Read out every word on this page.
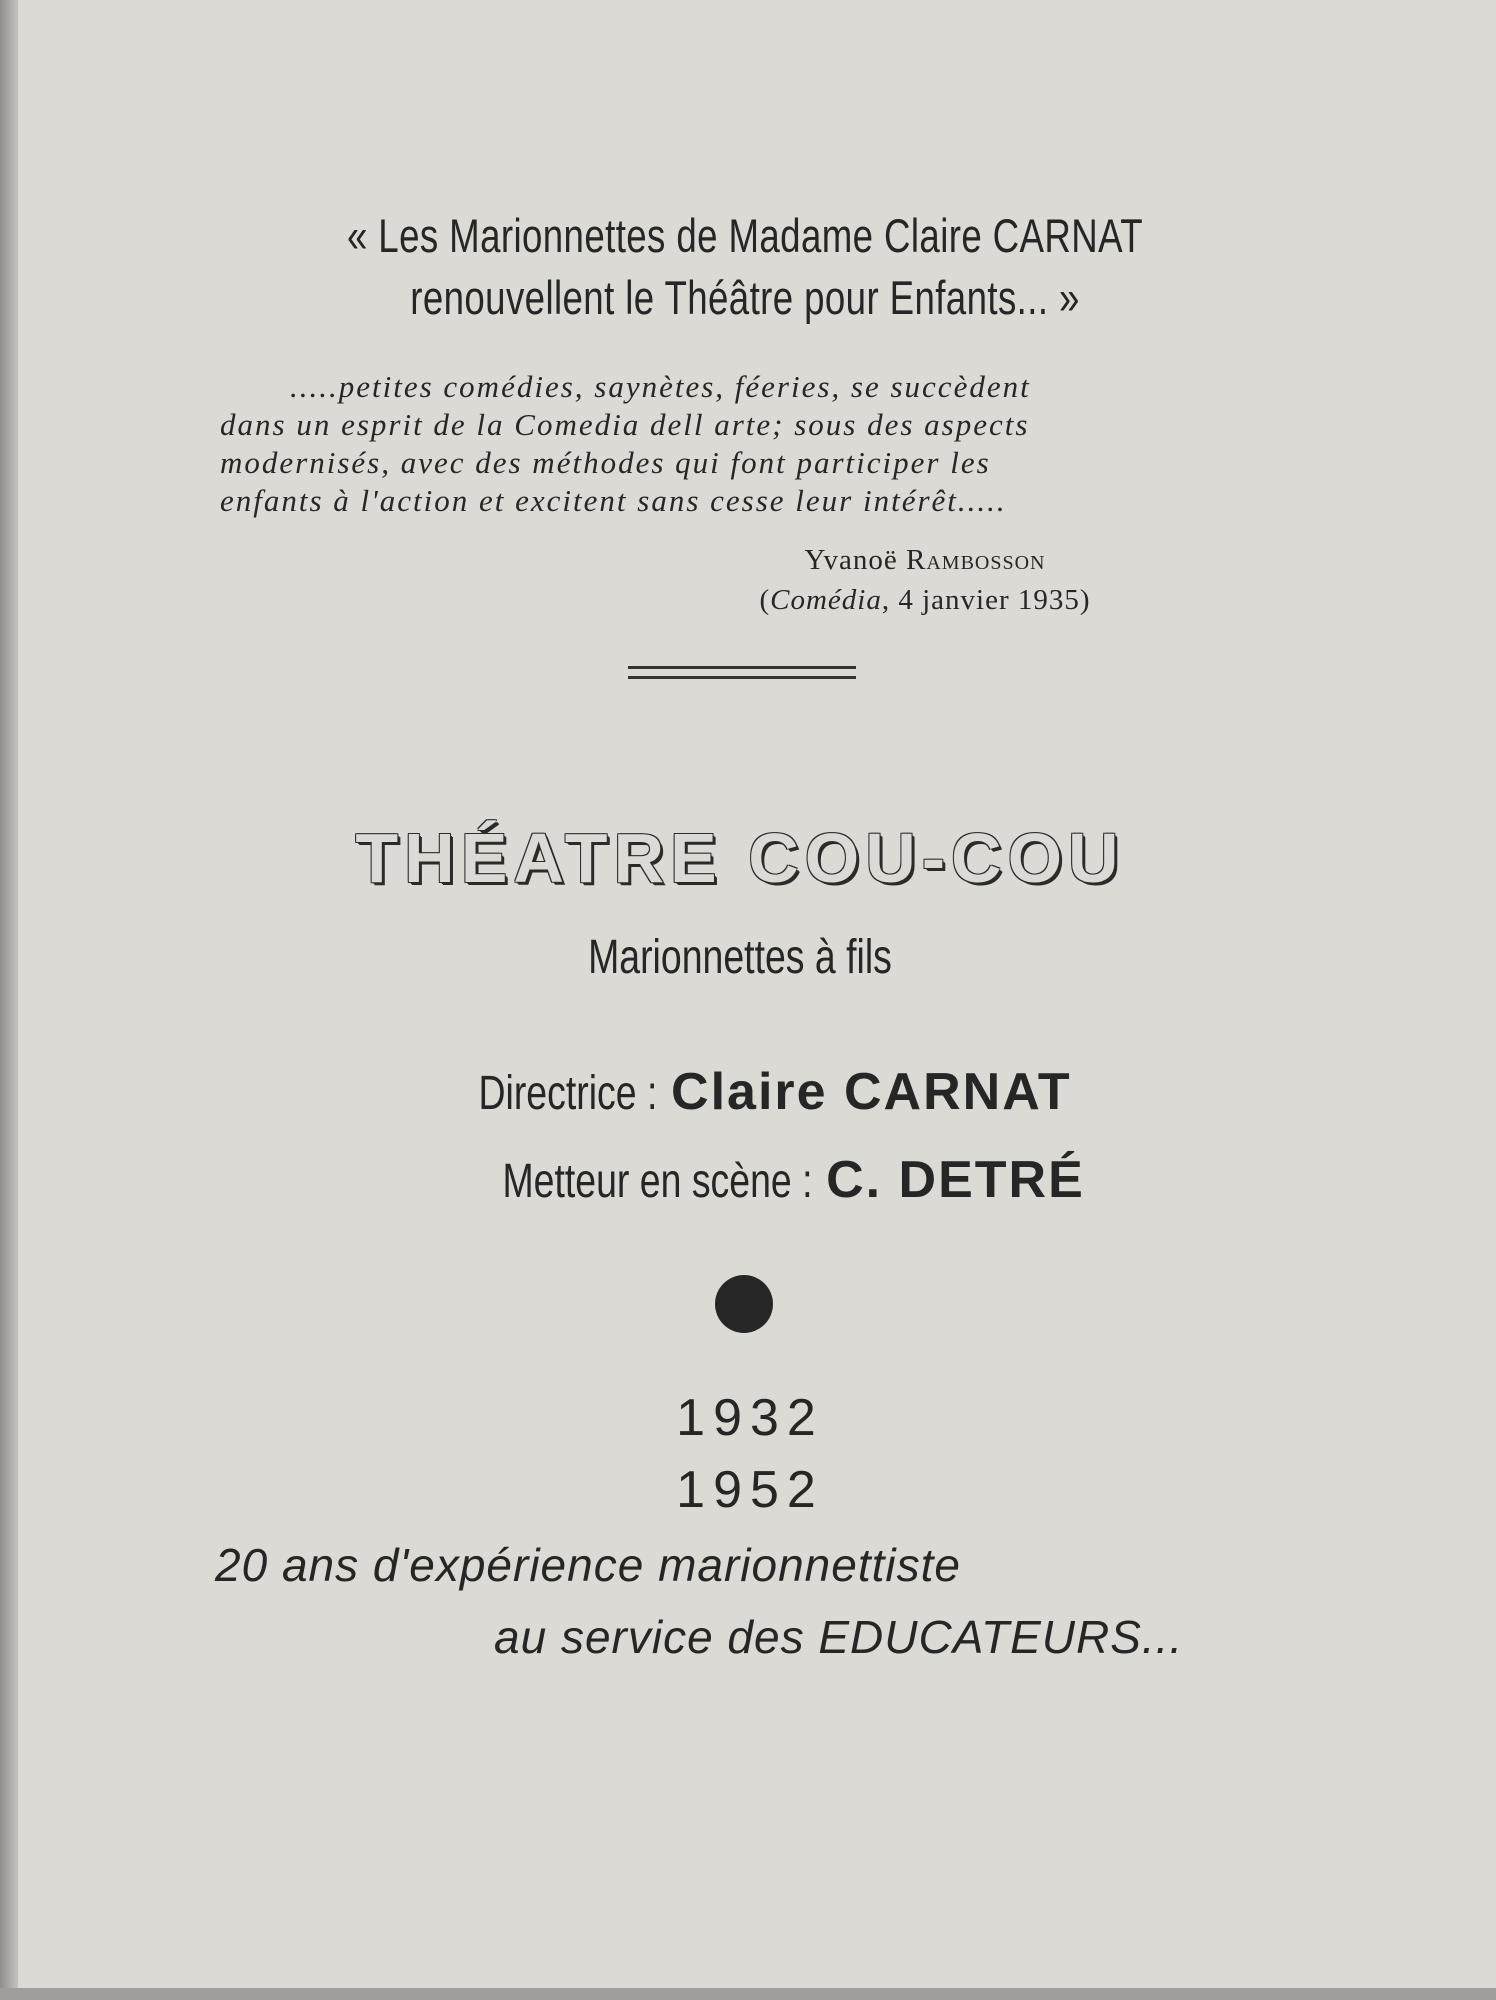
« Les Marionnettes de Madame Claire CARNAT
renouvellent le Théâtre pour Enfants... »
.....petites comédies, saynètes, féeries, se succèdent
dans un esprit de la Comedia dell arte; sous des aspects
modernisés, avec des méthodes qui font participer les
enfants à l'action et excitent sans cesse leur intérêt.....
Yvanoë Rambosson
(Comédia, 4 janvier 1935)
THÉATRE COU-COU
Marionnettes à fils
Directrice : Claire CARNAT
Metteur en scène : C. DETRÉ
1932
1952
20 ans d'expérience marionnettiste
au service des EDUCATEURS...
